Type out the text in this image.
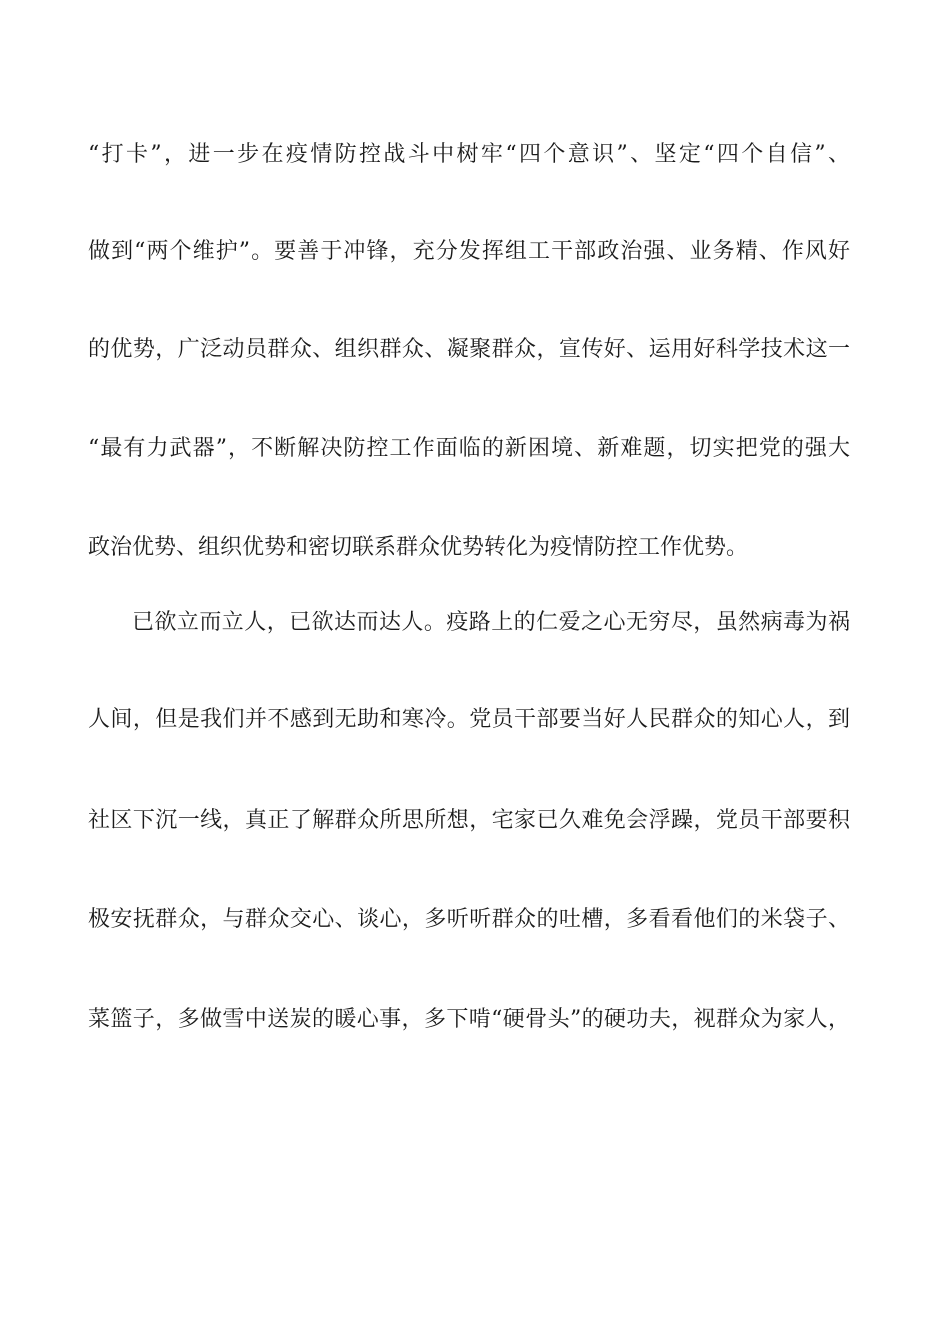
“打卡”，进一步在疫情防控战斗中树牢“四个意识”、坚定“四个自信”、
做到“两个维护”。要善于冲锋，充分发挥组工干部政治强、业务精、作风好
的优势，广泛动员群众、组织群众、凝聚群众，宣传好、运用好科学技术这一
“最有力武器”，不断解决防控工作面临的新困境、新难题，切实把党的强大
政治优势、组织优势和密切联系群众优势转化为疫情防控工作优势。
已欲立而立人，已欲达而达人。疫路上的仁爱之心无穷尽，虽然病毒为祸
人间，但是我们并不感到无助和寒冷。党员干部要当好人民群众的知心人，到
社区下沉一线，真正了解群众所思所想，宅家已久难免会浮躁，党员干部要积
极安抚群众，与群众交心、谈心，多听听群众的吐槽，多看看他们的米袋子、
菜篮子，多做雪中送炭的暖心事，多下啃“硬骨头”的硬功夫，视群众为家人，
